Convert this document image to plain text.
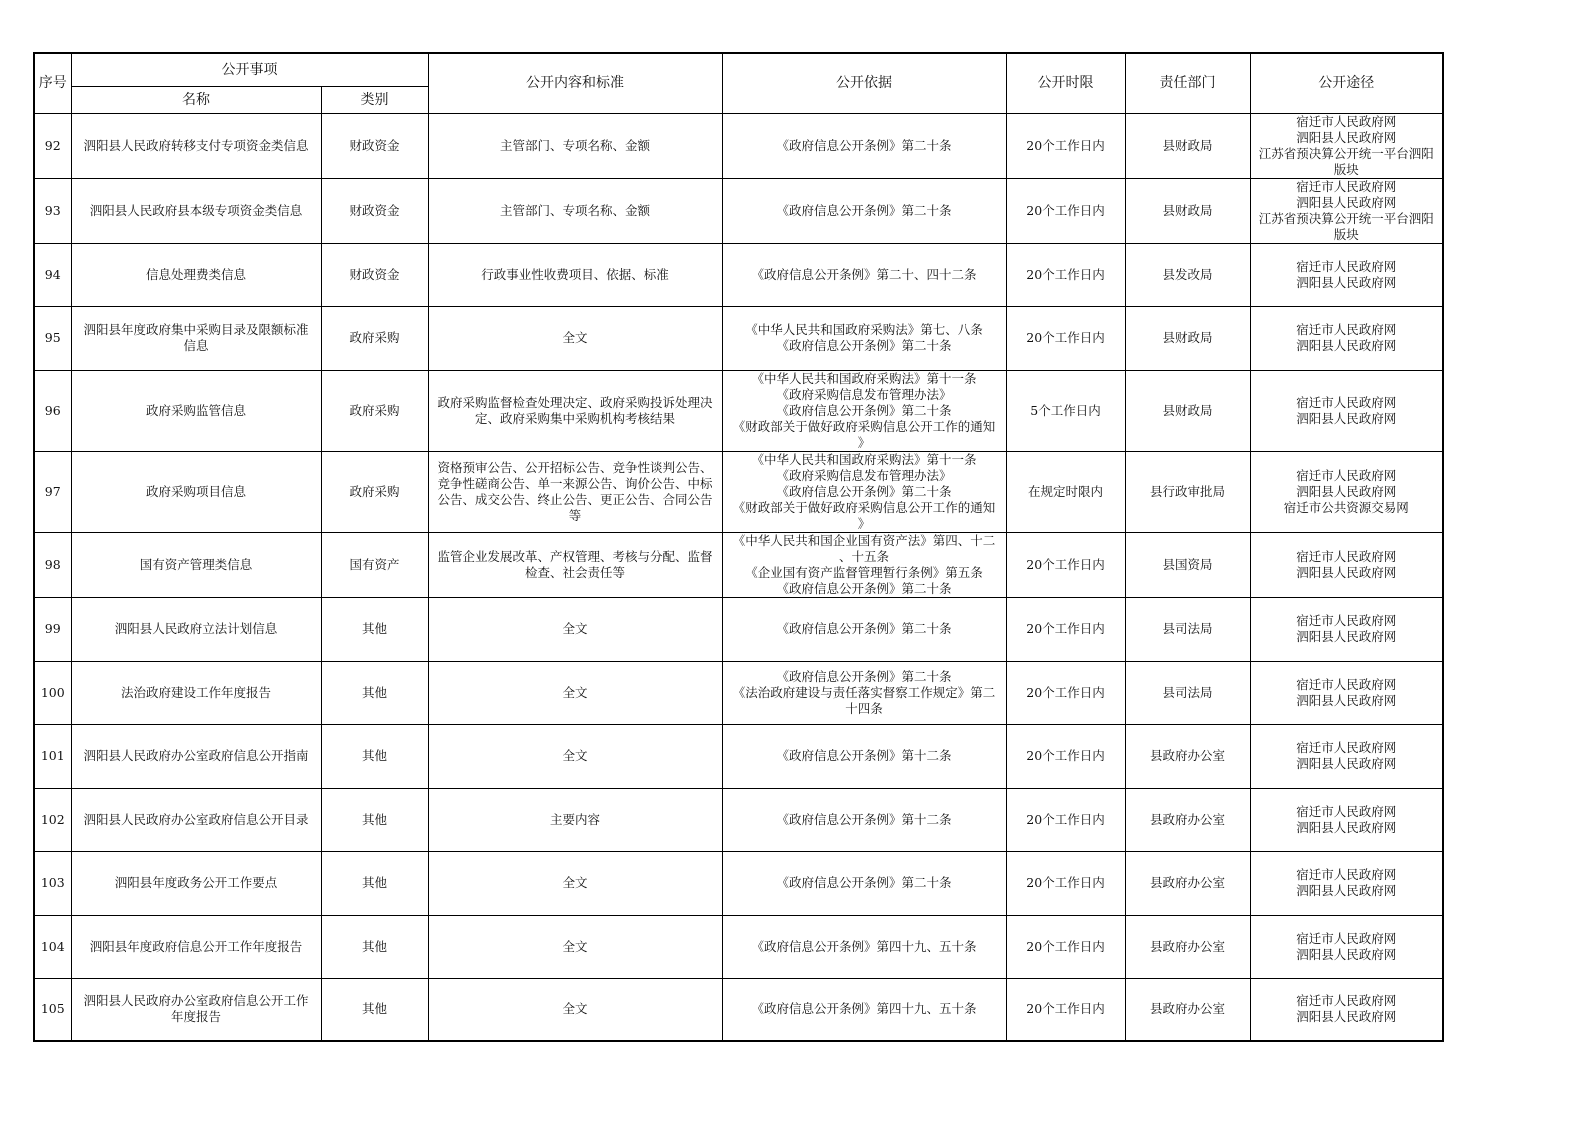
序号	公开事项		公开内容和标准	公开依据	公开时限	责任部门	公开途径
	名称	类别					
92	泗阳县人民政府转移支付专项资金类信息	财政资金	主管部门、专项名称、金额	《政府信息公开条例》第二十条	20个工作日内	县财政局	宿迁市人民政府网
泗阳县人民政府网
江苏省预决算公开统一平台泗阳
版块
93	泗阳县人民政府县本级专项资金类信息	财政资金	主管部门、专项名称、金额	《政府信息公开条例》第二十条	20个工作日内	县财政局	宿迁市人民政府网
泗阳县人民政府网
江苏省预决算公开统一平台泗阳
版块
94	信息处理费类信息	财政资金	行政事业性收费项目、依据、标准	《政府信息公开条例》第二十、四十二条	20个工作日内	县发改局	宿迁市人民政府网
泗阳县人民政府网
95	泗阳县年度政府集中采购目录及限额标准
信息	政府采购	全文	《中华人民共和国政府采购法》第七、八条
《政府信息公开条例》第二十条	20个工作日内	县财政局	宿迁市人民政府网
泗阳县人民政府网
96	政府采购监管信息	政府采购	政府采购监督检查处理决定、政府采购投诉处理决
定、政府采购集中采购机构考核结果	《中华人民共和国政府采购法》第十一条
《政府采购信息发布管理办法》
《政府信息公开条例》第二十条
《财政部关于做好政府采购信息公开工作的通知
》	5个工作日内	县财政局	宿迁市人民政府网
泗阳县人民政府网
97	政府采购项目信息	政府采购	资格预审公告、公开招标公告、竞争性谈判公告、
竞争性磋商公告、单一来源公告、询价公告、中标
公告、成交公告、终止公告、更正公告、合同公告
等	《中华人民共和国政府采购法》第十一条
《政府采购信息发布管理办法》
《政府信息公开条例》第二十条
《财政部关于做好政府采购信息公开工作的通知
》	在规定时限内	县行政审批局	宿迁市人民政府网
泗阳县人民政府网
宿迁市公共资源交易网
98	国有资产管理类信息	国有资产	监管企业发展改革、产权管理、考核与分配、监督
检查、社会责任等	《中华人民共和国企业国有资产法》第四、十二
、十五条
《企业国有资产监督管理暂行条例》第五条
《政府信息公开条例》第二十条	20个工作日内	县国资局	宿迁市人民政府网
泗阳县人民政府网
99	泗阳县人民政府立法计划信息	其他	全文	《政府信息公开条例》第二十条	20个工作日内	县司法局	宿迁市人民政府网
泗阳县人民政府网
100	法治政府建设工作年度报告	其他	全文	《政府信息公开条例》第二十条
《法治政府建设与责任落实督察工作规定》第二
十四条	20个工作日内	县司法局	宿迁市人民政府网
泗阳县人民政府网
101	泗阳县人民政府办公室政府信息公开指南	其他	全文	《政府信息公开条例》第十二条	20个工作日内	县政府办公室	宿迁市人民政府网
泗阳县人民政府网
102	泗阳县人民政府办公室政府信息公开目录	其他	主要内容	《政府信息公开条例》第十二条	20个工作日内	县政府办公室	宿迁市人民政府网
泗阳县人民政府网
103	泗阳县年度政务公开工作要点	其他	全文	《政府信息公开条例》第二十条	20个工作日内	县政府办公室	宿迁市人民政府网
泗阳县人民政府网
104	泗阳县年度政府信息公开工作年度报告	其他	全文	《政府信息公开条例》第四十九、五十条	20个工作日内	县政府办公室	宿迁市人民政府网
泗阳县人民政府网
105	泗阳县人民政府办公室政府信息公开工作
年度报告	其他	全文	《政府信息公开条例》第四十九、五十条	20个工作日内	县政府办公室	宿迁市人民政府网
泗阳县人民政府网
